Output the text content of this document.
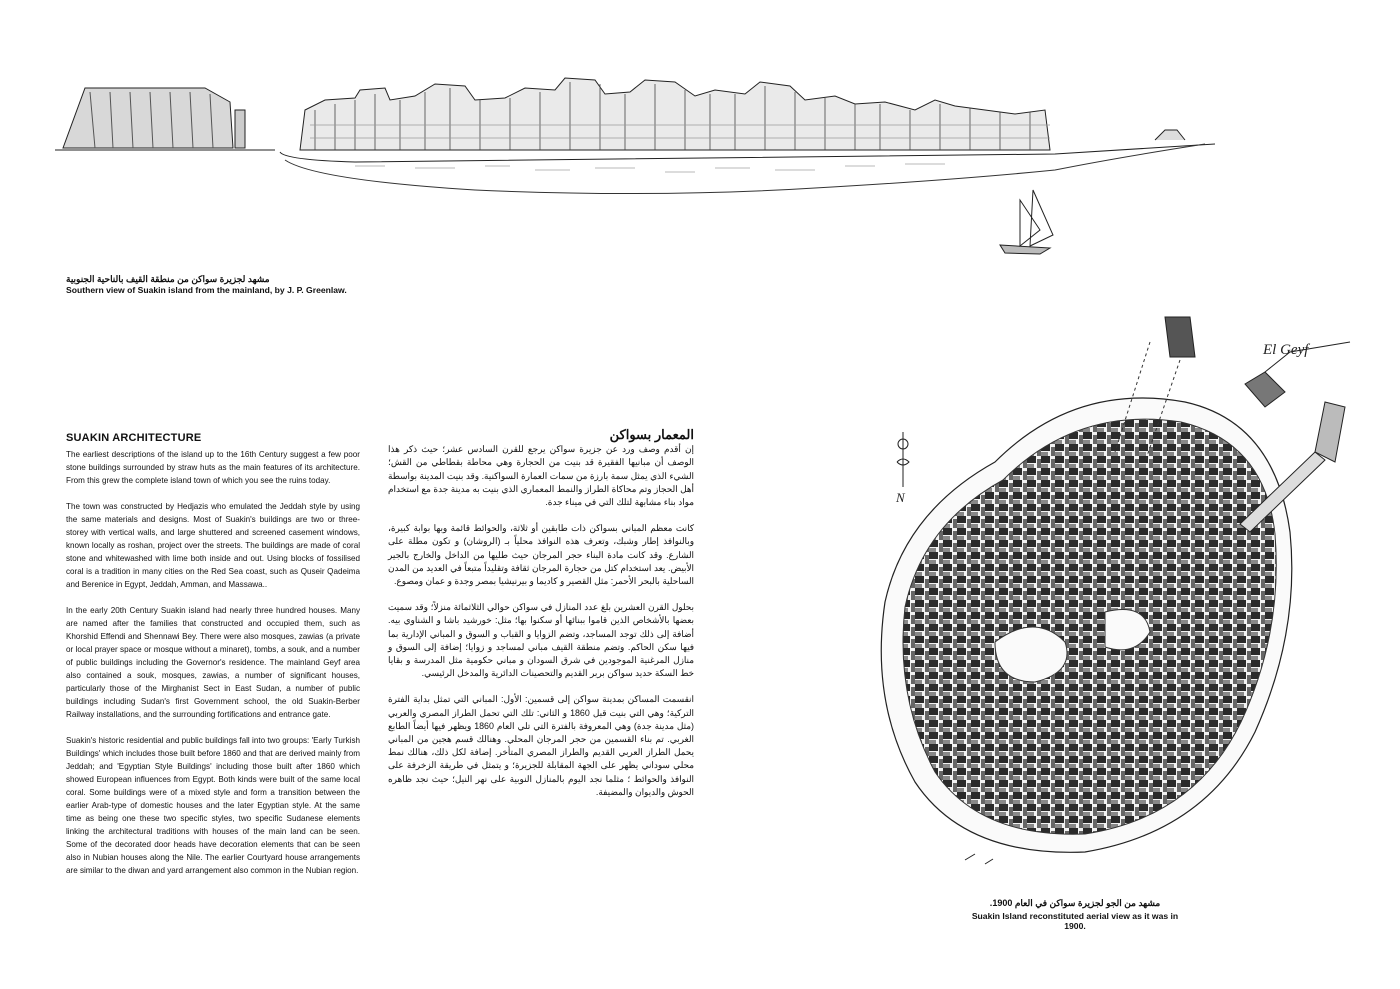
مشهد لجزيرة سواكن من منطقة القيف بالناحية الجنوبية
Southern view of Suakin island from the mainland, by J. P. Greenlaw.
SUAKIN ARCHITECTURE

The earliest descriptions of the island up to the 16th Century suggest a few poor stone buildings surrounded by straw huts as the main features of its architecture. From this grew the complete island town of which you see the ruins today.

The town was constructed by Hedjazis who emulated the Jeddah style by using the same materials and designs. Most of Suakin's buildings are two or three-storey with vertical walls, and large shuttered and screened casement windows, known locally as roshan, project over the streets. The buildings are made of coral stone and whitewashed with lime both inside and out. Using blocks of fossilised coral is a tradition in many cities on the Red Sea coast, such as Quseir Qadeima and Berenice in Egypt, Jeddah, Amman, and Massawa..

In the early 20th Century Suakin island had nearly three hundred houses. Many are named after the families that constructed and occupied them, such as Khorshid Effendi and Shennawi Bey. There were also mosques, zawias (a private or local prayer space or mosque without a minaret), tombs, a souk, and a number of public buildings including the Governor's residence. The mainland Geyf area also contained a souk, mosques, zawias, a number of significant houses, particularly those of the Mirghanist Sect in East Sudan, a number of public buildings including Sudan's first Government school, the old Suakin-Berber Railway installations, and the surrounding fortifications and entrance gate.

Suakin's historic residential and public buildings fall into two groups: 'Early Turkish Buildings' which includes those built before 1860 and that are derived mainly from Jeddah; and 'Egyptian Style Buildings' including those built after 1860 which showed European influences from Egypt. Both kinds were built of the same local coral. Some buildings were of a mixed style and form a transition between the earlier Arab-type of domestic houses and the later Egyptian style. At the same time as being one these two specific styles, two specific Sudanese elements linking the architectural traditions with houses of the main land can be seen. Some of the decorated door heads have decoration elements that can be seen also in Nubian houses along the Nile. The earlier Courtyard house arrangements are similar to the diwan and yard arrangement also common in the Nubian region.

المعمار بسواكن

إن أقدم وصف ورد عن جزيرة سواكن يرجع للقرن السادس عشر؛ حيث ذكر هذا الوصف أن مبانيها الفقيرة قد بنيت من الحجارة وهي محاطة بقطاطي من القش؛ الشيء الذي يمثل سمة بارزة من سمات العمارة السواكنية. وقد بنيت المدينة بواسطة أهل الحجاز وتم محاكاة الطراز والنمط المعماري الذي بنيت به مدينة جدة مع استخدام مواد بناء مشابهة لتلك التي في ميناء جدة.

كانت معظم المباني بسواكن ذات طابقين أو ثلاثة، والحوائط قائمة وبها بوابة كبيرة، وبالنوافذ إطار وشبك، وتعرف هذه النوافذ محلياً بـ (الروشان) و تكون مطلة على الشارع. وقد كانت مادة البناء حجر المرجان حيث طليها من الداخل والخارج بالجير الأبيض. يعد استخدام كتل من حجارة المرجان ثقافة وتقليداً متبعاً في العديد من المدن الساحلية بالبحر الأحمر: مثل القصير و كاديما و بيرنيشيا بمصر وجدة و عمان ومصوع.

بحلول القرن العشرين بلغ عدد المنازل في سواكن حوالي الثلاثمائة منزلاً؛ وقد سميت بعضها بالأشخاص الذين قاموا ببنائها أو سكنوا بها؛ مثل: خورشيد باشا و الشناوي بيه. أضافة إلى ذلك توجد المساجد، وتضم الزوايا و القباب و السوق و المباني الإدارية بما فيها سكن الحاكم. وتضم منطقة القيف مباني لمساجد و زوايا؛ إضافة إلى السوق و منازل المرغنية الموجودين في شرق السودان و مباني حكومية مثل المدرسة و بقايا خط السكة حديد سواكن بربر القديم والتحصينات الدائرية والمدخل الرئيسي.

انقسمت المساكن بمدينة سواكن إلى قسمين: الأول: المباني التي تمثل بداية الفترة التركية؛ وهي التي بنيت قبل 1860 و الثاني: تلك التي تحمل الطراز المصري والعربي (مثل مدينة جدة) وهي المعروفة بالفترة التي تلي العام 1860 ويظهر فيها أيضاً الطابع الغربي. تم بناء القسمين من حجر المرجان المحلي. وهنالك قسم هجين من المباني يحمل الطراز العربي القديم والطراز المصري المتأخر. إضافة لكل ذلك، هنالك نمط محلي سوداني يظهر على الجهة المقابلة للجزيرة؛ و يتمثل في طريقة الزخرفة على النوافذ والحوائط ؛ مثلما نجد اليوم بالمنازل النوبية على نهر النيل؛ حيث نجد ظاهره الحوش والديوان والمضيفة.

N
El Geyf
مشهد من الجو لجزيرة سواكن في العام 1900.
Suakin Island reconstituted aerial view as it was in 1900.
